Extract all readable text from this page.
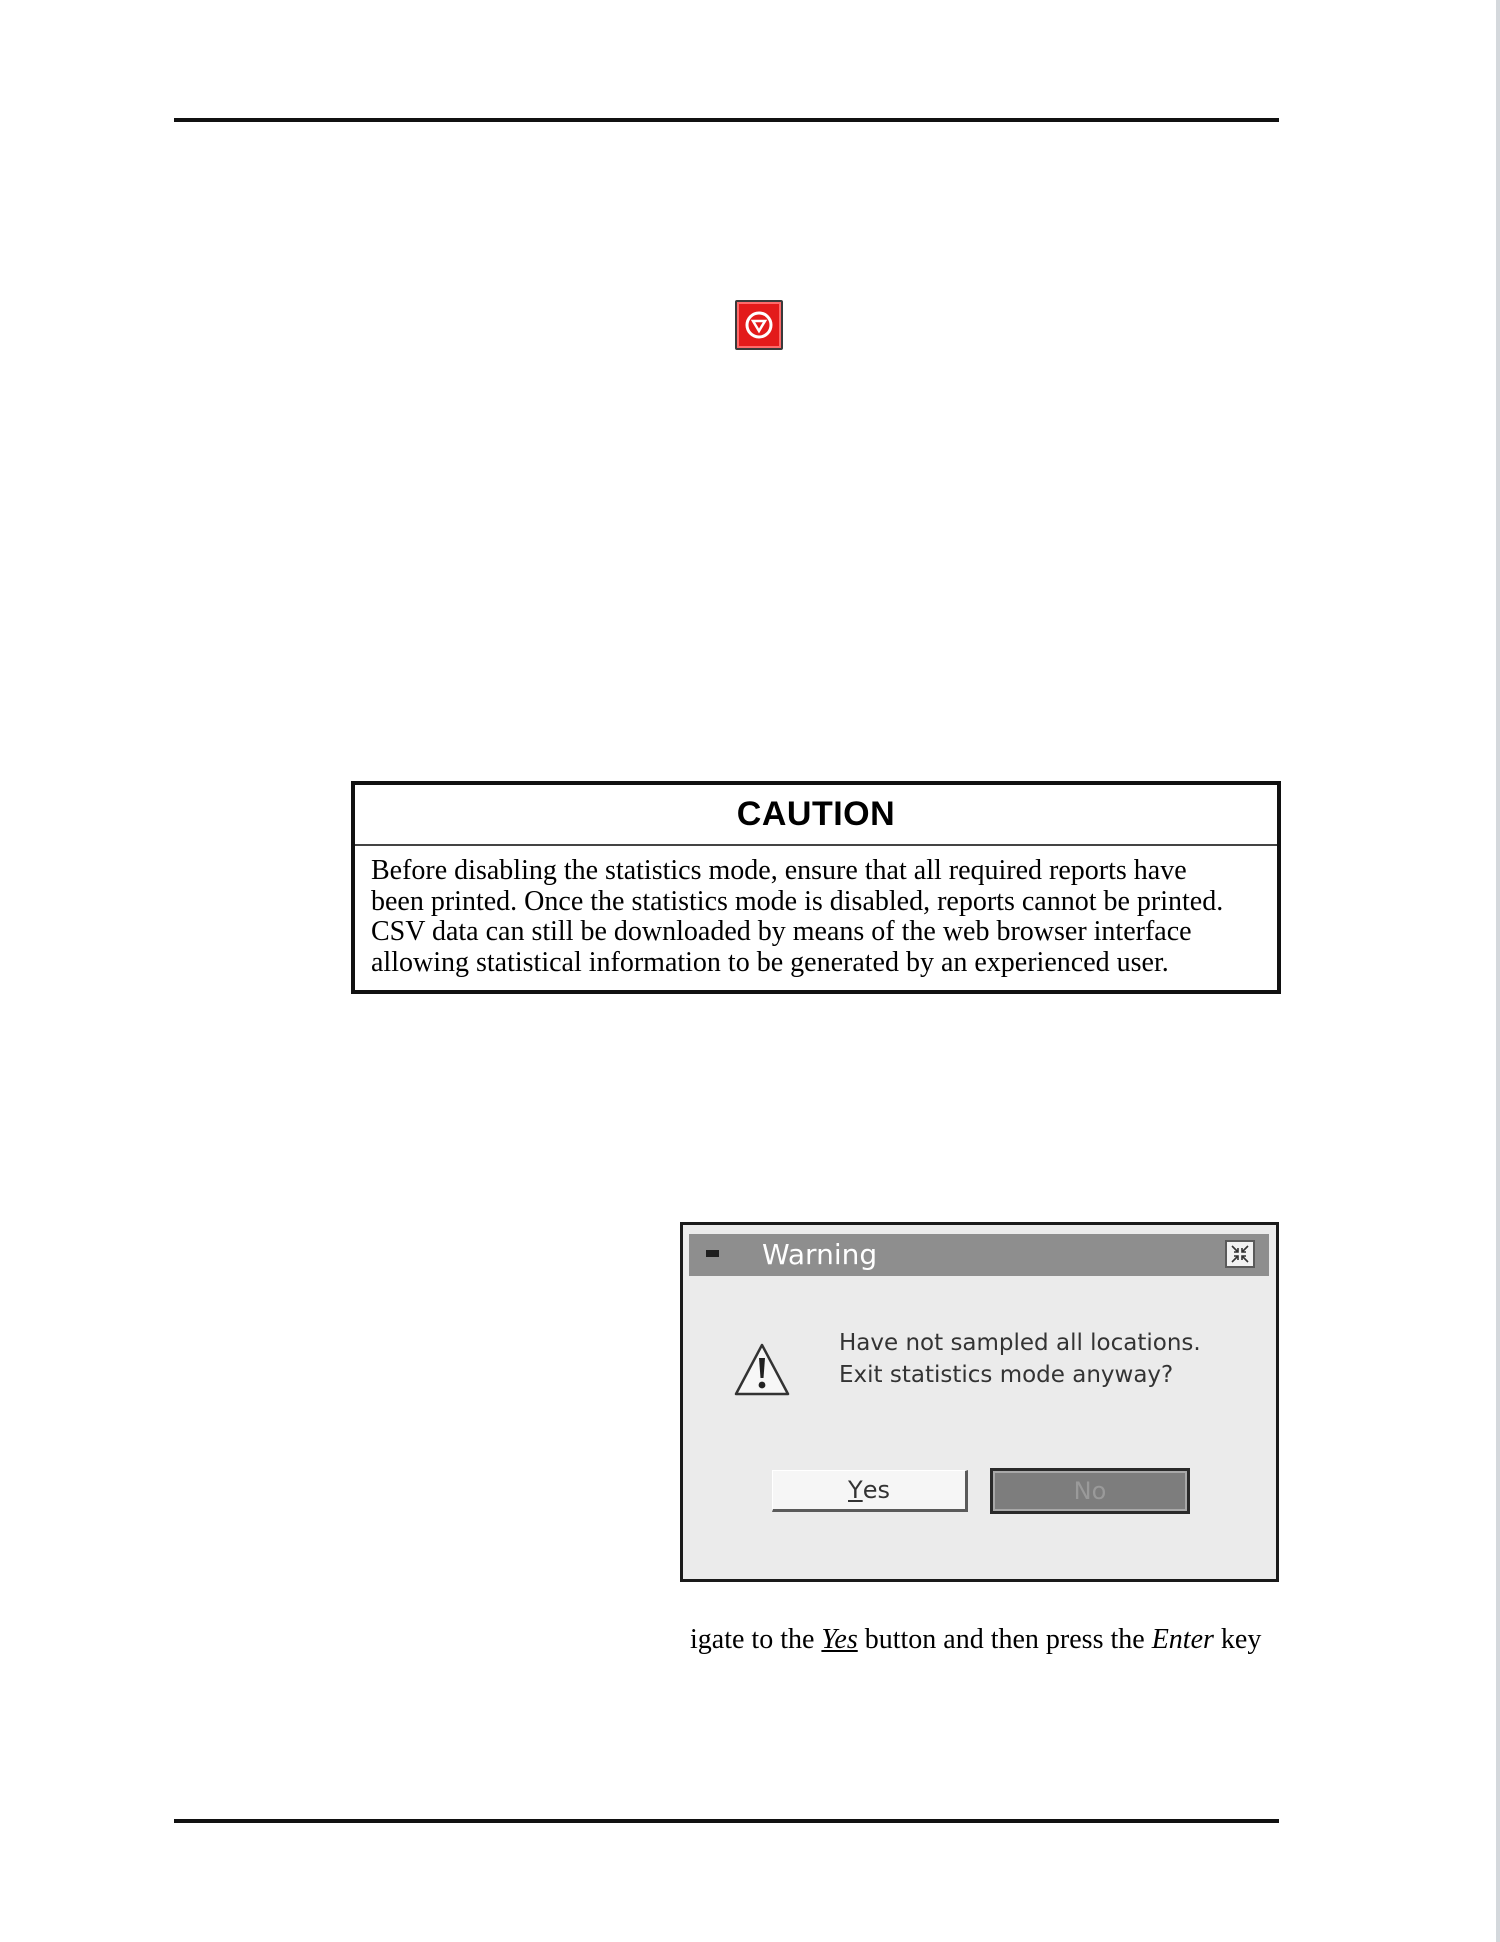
CAUTION

Before disabling the statistics mode, ensure that all required reports have

been printed. Once the statistics mode is disabled, reports cannot be printed.

CSV data can still be downloaded by means of the web browser interface

allowing statistical information to be generated by an experienced user.

Warning
Have not sampled all locations.
Exit statistics mode anyway?
Y es	No
igate to the Yes button and then press the Enter key
